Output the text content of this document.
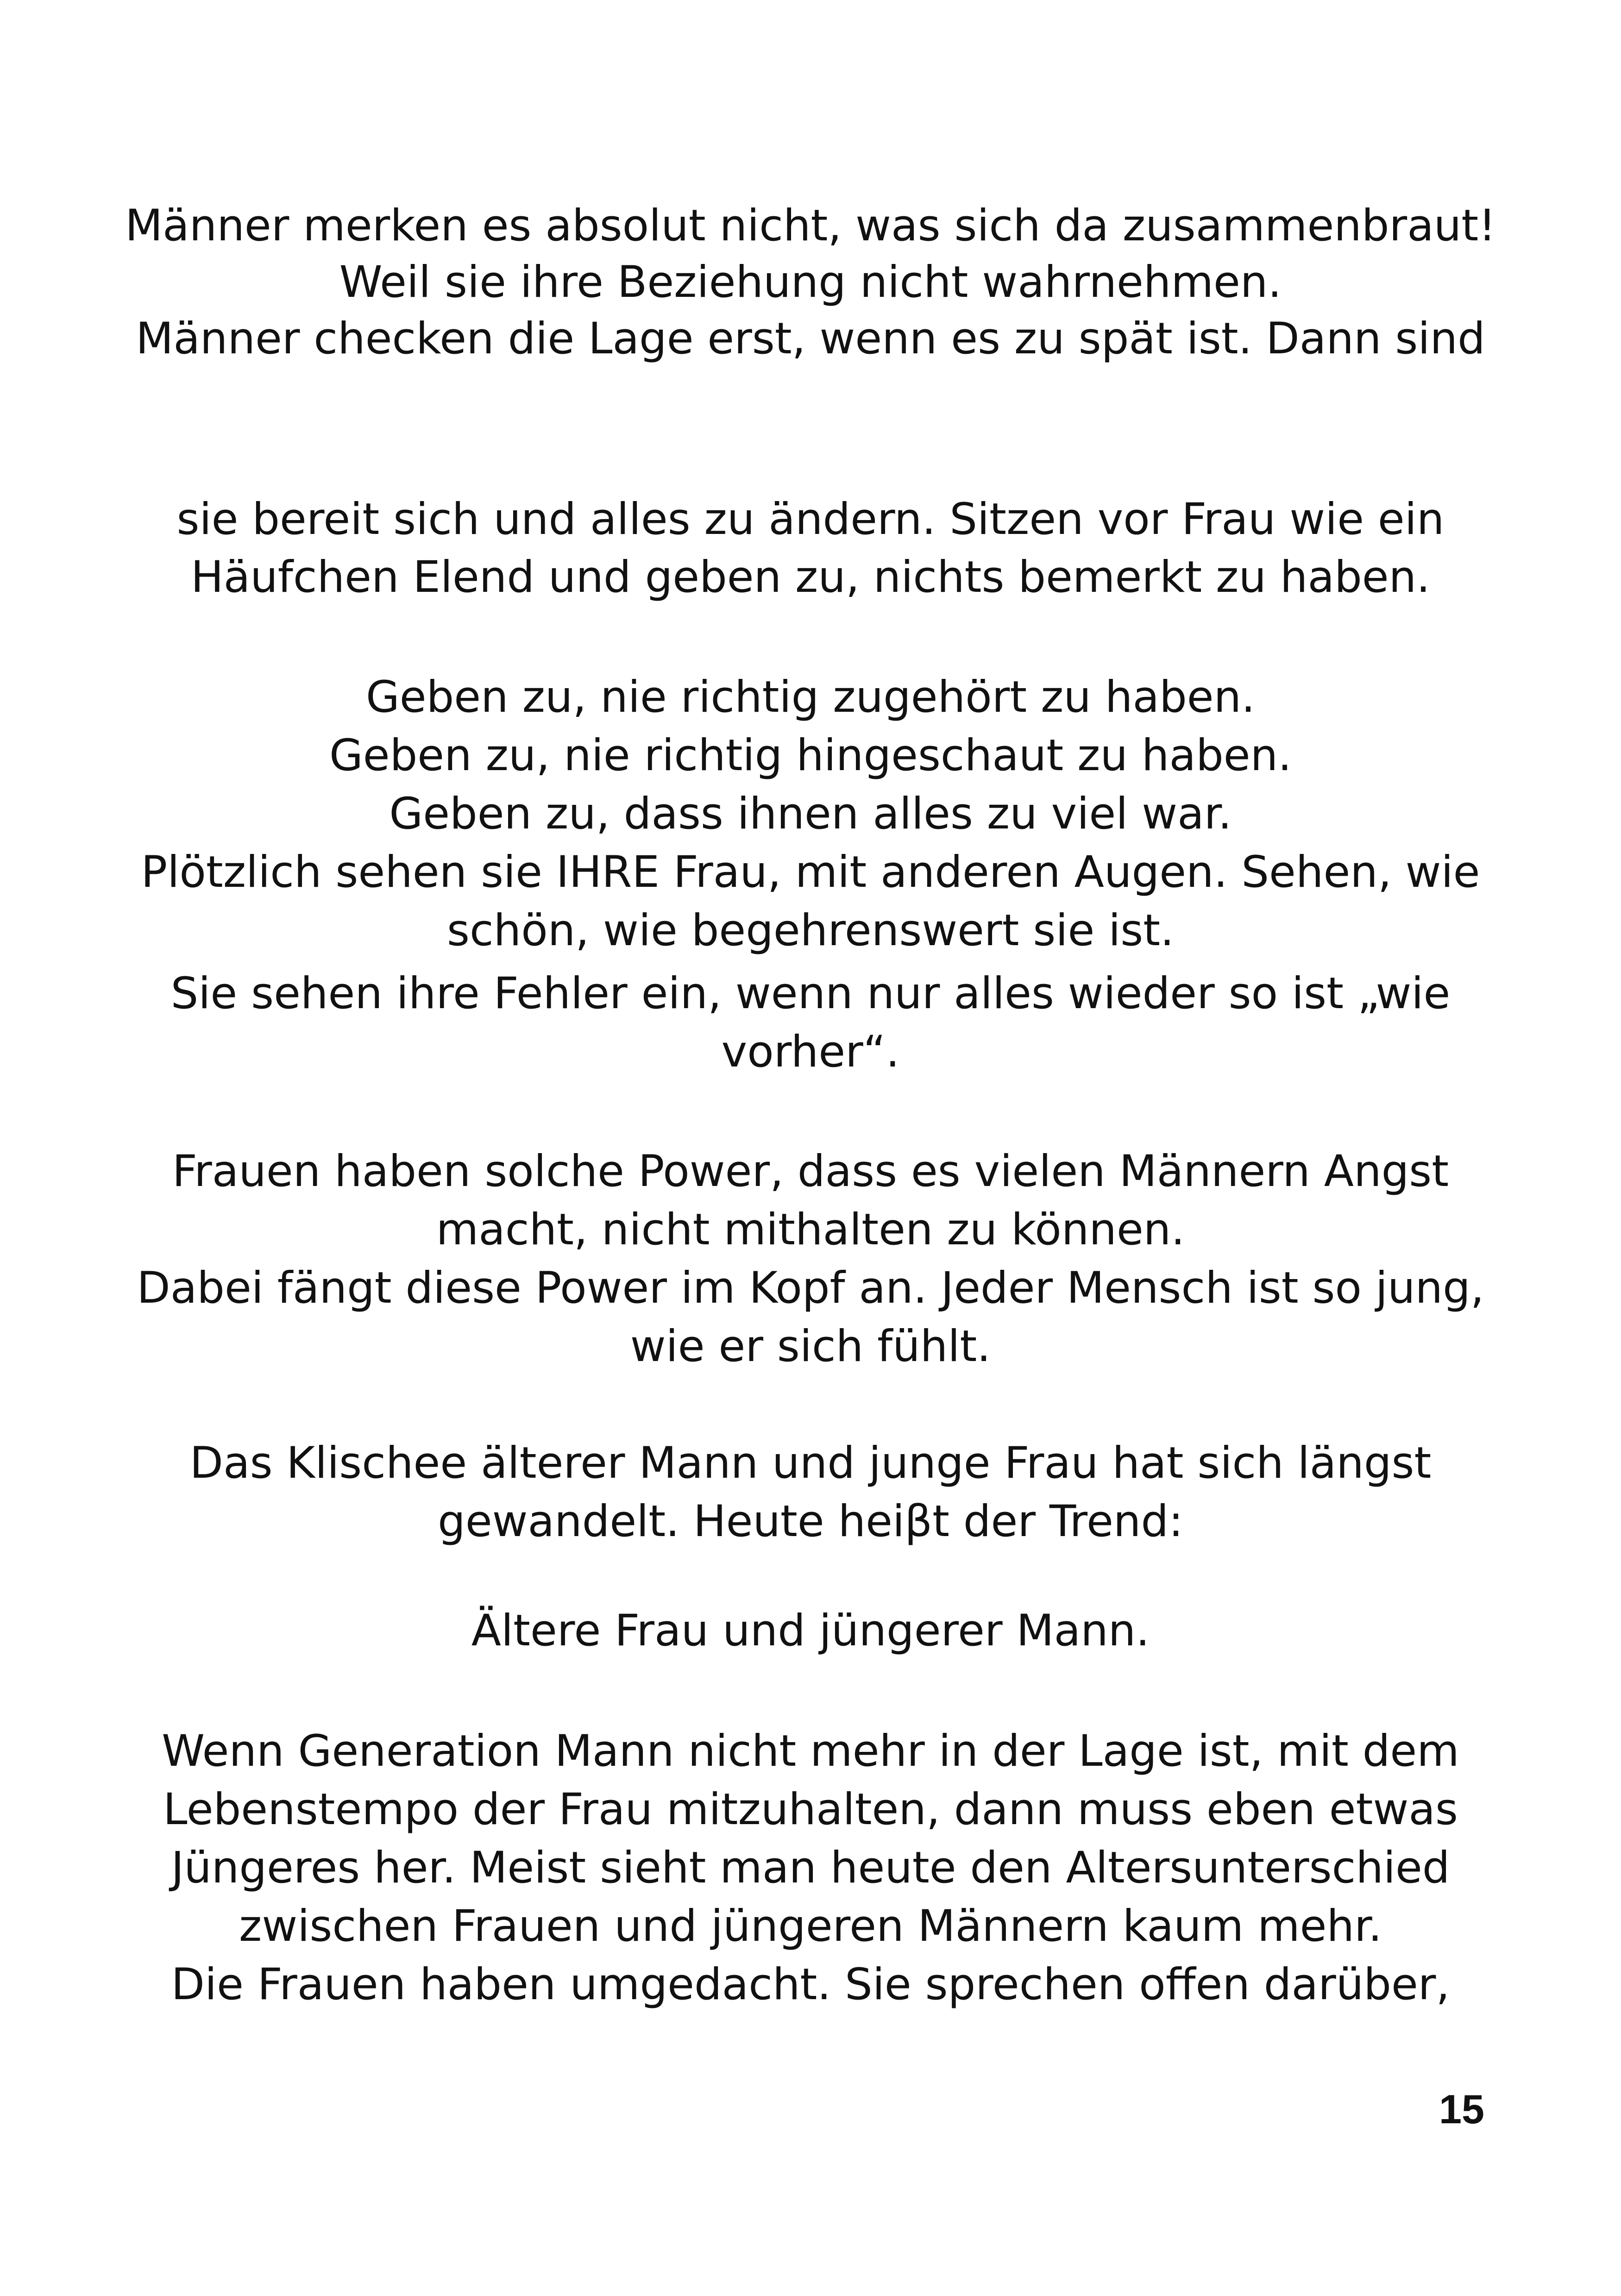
Männer merken es absolut nicht, was sich da zusammenbraut!
Weil sie ihre Beziehung nicht wahrnehmen.
Männer checken die Lage erst, wenn es zu spät ist. Dann sind
sie bereit sich und alles zu ändern. Sitzen vor Frau wie ein
Häufchen Elend und geben zu, nichts bemerkt zu haben.
Geben zu, nie richtig zugehört zu haben.
Geben zu, nie richtig hingeschaut zu haben.
Geben zu, dass ihnen alles zu viel war.
Plötzlich sehen sie IHRE Frau, mit anderen Augen. Sehen, wie
schön, wie begehrenswert sie ist.
Sie sehen ihre Fehler ein, wenn nur alles wieder so ist „wie
vorher“.
Frauen haben solche Power, dass es vielen Männern Angst
macht, nicht mithalten zu können.
Dabei fängt diese Power im Kopf an. Jeder Mensch ist so jung,
wie er sich fühlt.
Das Klischee älterer Mann und junge Frau hat sich längst
gewandelt. Heute heiβt der Trend:
Ältere Frau und jüngerer Mann.
Wenn Generation Mann nicht mehr in der Lage ist, mit dem
Lebenstempo der Frau mitzuhalten, dann muss eben etwas
Jüngeres her. Meist sieht man heute den Altersunterschied
zwischen Frauen und jüngeren Männern kaum mehr.
Die Frauen haben umgedacht. Sie sprechen offen darüber,
15
